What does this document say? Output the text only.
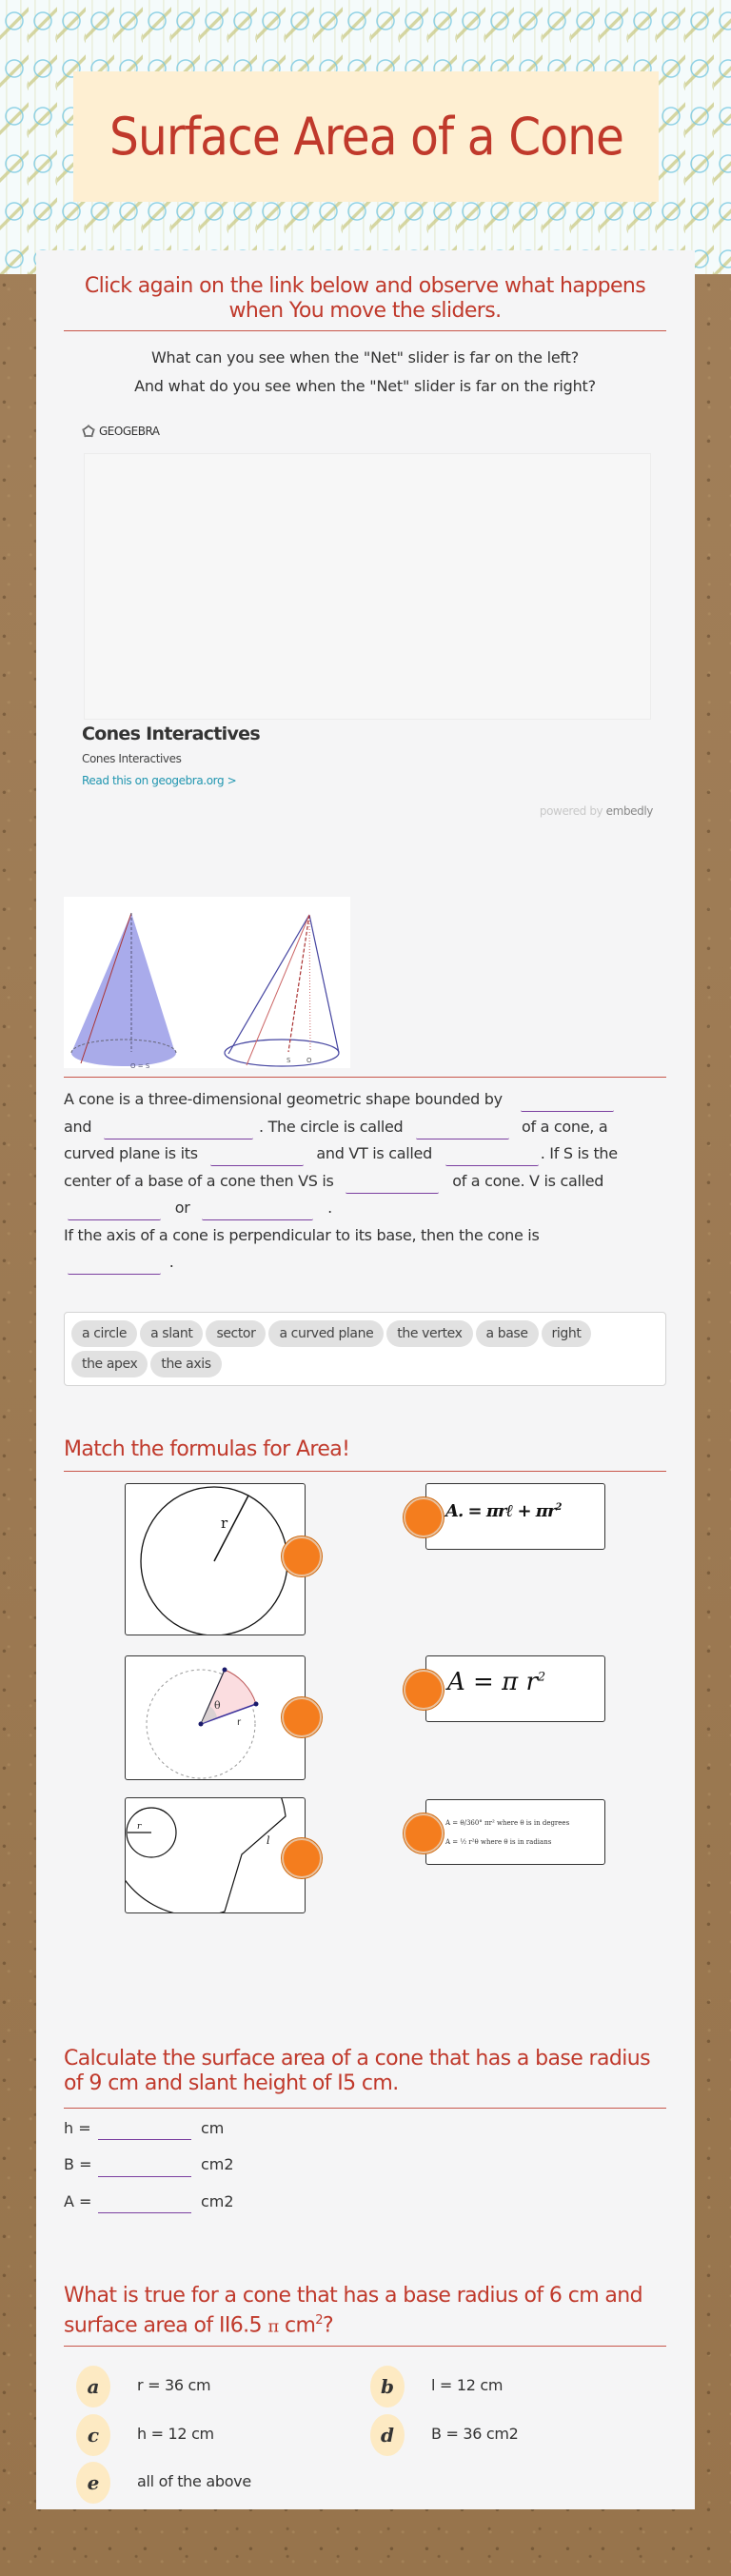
Surface Area of a Cone
Click again on the link below and observe what happens when You move the sliders.
What can you see when the "Net" slider is far on the left?
And what do you see when the "Net" slider is far on the right?
GEOGEBRA
Cones Interactives
Cones Interactives
Read this on geogebra.org >
powered by embedly
O = S
S O
A cone is a three-dimensional geometric shape bounded by
and	. The circle is called	of a cone, a
curved plane is its	and VT is called	. If S is the
center of a base of a cone then VS is	of a cone. V is called
or	.
If the axis of a cone is perpendicular to its base, then the cone is
.
a circle a slant sector a curved plane the vertex a base rightthe apex the axis
Match the formulas for Area!
r
θ
r
r
l
A. = πrℓ + $\pi r^2$
A = π $r^2$
A = θ/360° πr² where θ is in degrees
A = ½ r²θ where θ is in radians
Calculate the surface area of a cone that has a base radius of 9 cm and slant height of I5 cm.
h =	cm
B =	cm2
A =	cm2
What is true for a cone that has a base radius of 6 cm and surface area of II6.5 π $cm^2$?
a	r = 36 cm	b	l = 12 cm
c	h = 12 cm	d	B = 36 cm2
e	all of the above
